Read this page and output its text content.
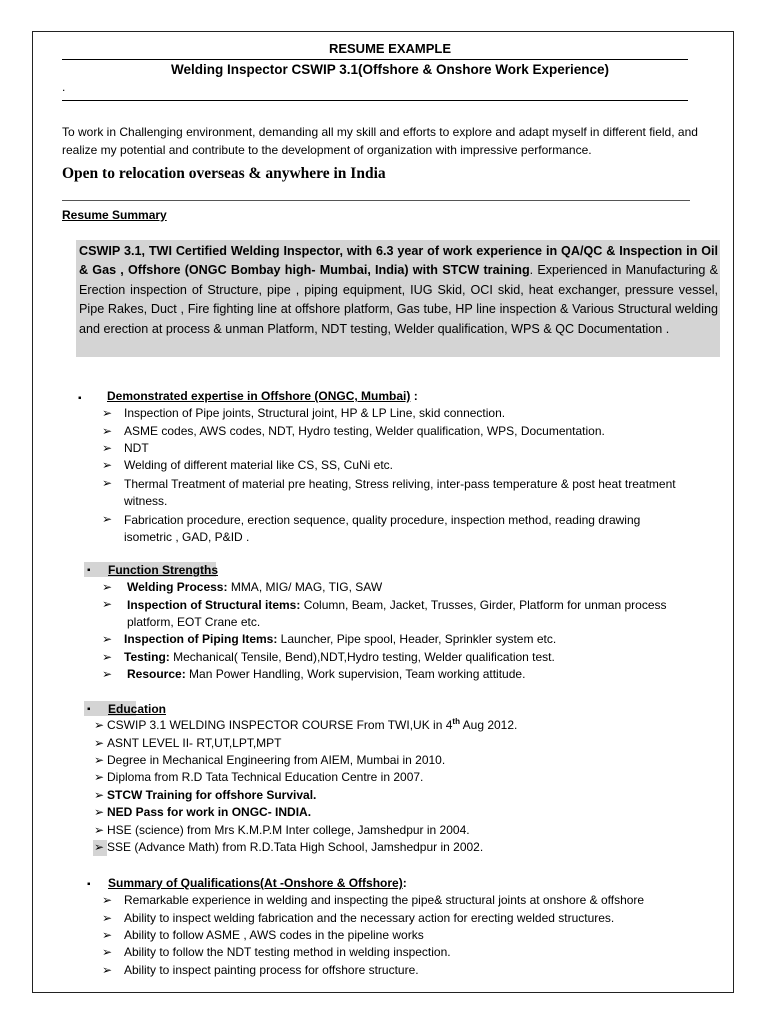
RESUME EXAMPLE
Welding Inspector CSWIP 3.1(Offshore & Onshore Work Experience)
.
To work in Challenging environment, demanding all my skill and efforts to explore and adapt myself in different field, and realize my potential and contribute to the development of organization with impressive performance.
Open to relocation overseas & anywhere in India
Resume Summary
CSWIP 3.1, TWI Certified Welding Inspector, with 6.3 year of work experience in QA/QC & Inspection in Oil & Gas , Offshore (ONGC Bombay high- Mumbai, India) with STCW training. Experienced in Manufacturing & Erection inspection of Structure, pipe , piping equipment, IUG Skid, OCI skid, heat exchanger, pressure vessel, Pipe Rakes, Duct , Fire fighting line at offshore platform, Gas tube, HP line inspection & Various Structural welding and erection at process & unman Platform, NDT testing, Welder qualification, WPS & QC Documentation .
▪ Demonstrated expertise in Offshore (ONGC, Mumbai) :
➢ Inspection of Pipe joints, Structural joint, HP & LP Line, skid connection.
➢ ASME codes, AWS codes, NDT, Hydro testing, Welder qualification, WPS, Documentation.
➢ NDT
➢ Welding of different material like CS, SS, CuNi etc.
➢ Thermal Treatment of material pre heating, Stress reliving, inter-pass temperature & post heat treatment witness.
➢ Fabrication procedure, erection sequence, quality procedure, inspection method, reading drawing isometric , GAD, P&ID .
▪ Function Strengths
➢ Welding Process: MMA, MIG/ MAG, TIG, SAW
➢ Inspection of Structural items: Column, Beam, Jacket, Trusses, Girder, Platform for unman process platform, EOT Crane etc.
➢ Inspection of Piping Items: Launcher, Pipe spool, Header, Sprinkler system etc.
➢ Testing: Mechanical( Tensile, Bend),NDT,Hydro testing, Welder qualification test.
➢ Resource: Man Power Handling, Work supervision, Team working attitude.
▪ Education
➢ CSWIP 3.1 WELDING INSPECTOR COURSE From TWI,UK in 4th Aug 2012.
➢ ASNT LEVEL II- RT,UT,LPT,MPT
➢ Degree in Mechanical Engineering from AIEM, Mumbai in 2010.
➢ Diploma from R.D Tata Technical Education Centre in 2007.
➢ STCW Training for offshore Survival.
➢ NED Pass for work in ONGC- INDIA.
➢ HSE (science) from Mrs K.M.P.M Inter college, Jamshedpur in 2004.
➢ SSE (Advance Math) from R.D.Tata High School, Jamshedpur in 2002.
▪ Summary of Qualifications(At -Onshore & Offshore):
➢ Remarkable experience in welding and inspecting the pipe& structural joints at onshore & offshore
➢ Ability to inspect welding fabrication and the necessary action for erecting welded structures.
➢ Ability to follow ASME , AWS codes in the pipeline works
➢ Ability to follow the NDT testing method in welding inspection.
➢ Ability to inspect painting process for offshore structure.
